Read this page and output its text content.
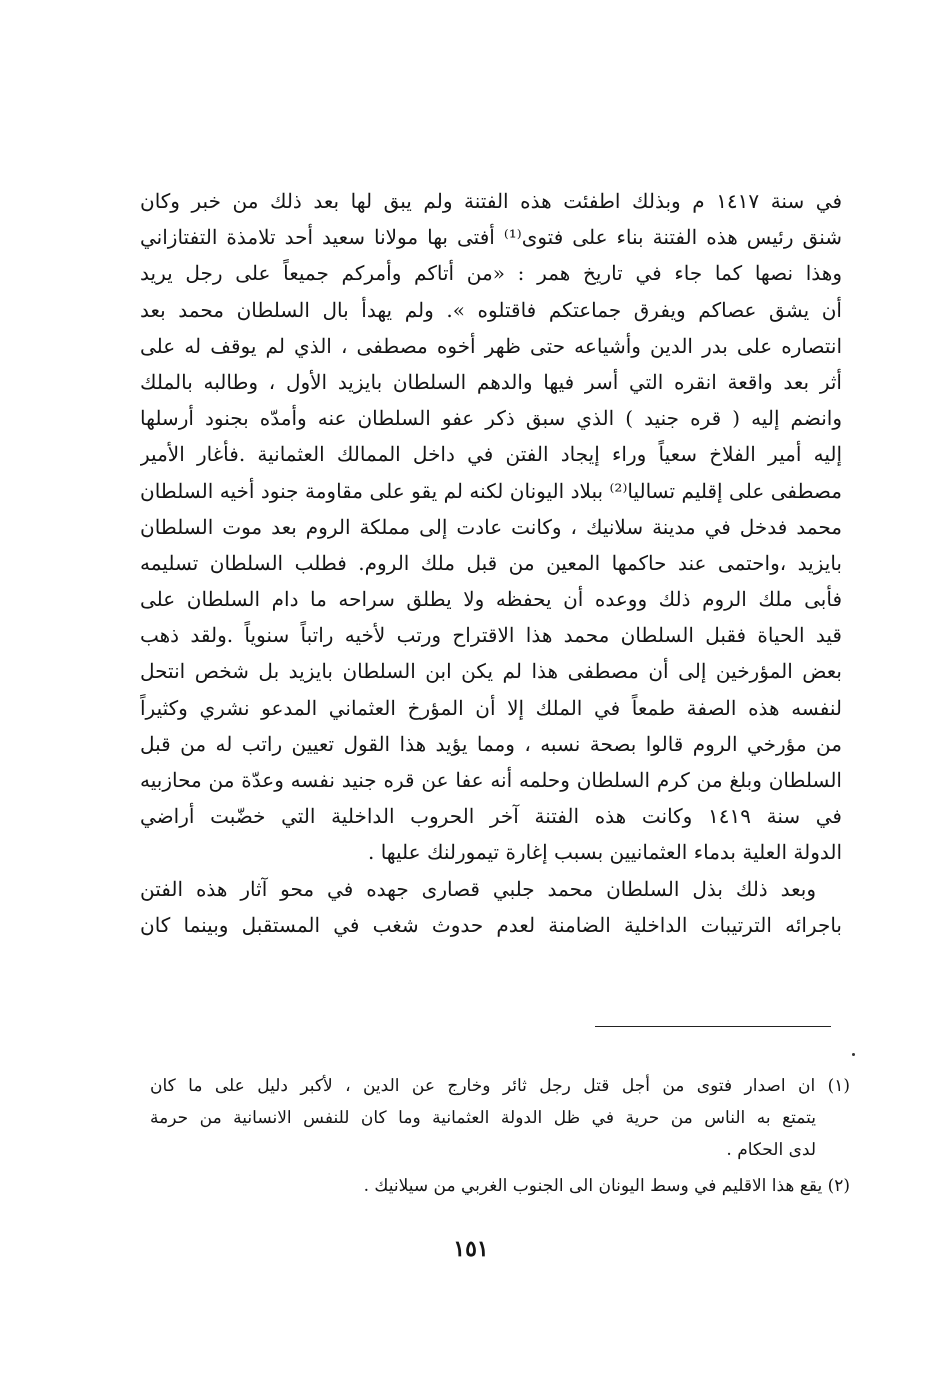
في سنة ١٤١٧ م وبذلك اطفئت هذه الفتنة ولم يبق لها بعد ذلك من خبر وكان
شنق رئيس هذه الفتنة بناء على فتوى⁽¹⁾ أفتى بها مولانا سعيد أحد تلامذة التفتازاني
وهذا نصها كما جاء في تاريخ همر : «من أتاكم وأمركم جميعاً على رجل يريد
أن يشق عصاكم ويفرق جماعتكم فاقتلوه ». ولم يهدأ بال السلطان محمد بعد
انتصاره على بدر الدين وأشياعه حتى ظهر أخوه مصطفى ، الذي لم يوقف له على
أثر بعد واقعة انقره التي أسر فيها والدهم السلطان بايزيد الأول ، وطالبه بالملك
وانضم إليه ( قره جنيد ) الذي سبق ذكر عفو السلطان عنه وأمدّه بجنود أرسلها
إليه أمير الفلاخ سعياً وراء إيجاد الفتن في داخل الممالك العثمانية .فأغار الأمير
مصطفى على إقليم تساليا⁽²⁾ ببلاد اليونان لكنه لم يقو على مقاومة جنود أخيه السلطان
محمد فدخل في مدينة سلانيك ، وكانت عادت إلى مملكة الروم بعد موت السلطان
بايزيد ،واحتمى عند حاكمها المعين من قبل ملك الروم. فطلب السلطان تسليمه
فأبى ملك الروم ذلك ووعده أن يحفظه ولا يطلق سراحه ما دام السلطان على
قيد الحياة فقبل السلطان محمد هذا الاقتراح ورتب لأخيه راتباً سنوياً .ولقد ذهب
بعض المؤرخين إلى أن مصطفى هذا لم يكن ابن السلطان بايزيد بل شخص انتحل
لنفسه هذه الصفة طمعاً في الملك إلا أن المؤرخ العثماني المدعو نشري وكثيراً
من مؤرخي الروم قالوا بصحة نسبه ، ومما يؤيد هذا القول تعيين راتب له من قبل
السلطان وبلغ من كرم السلطان وحلمه أنه عفا عن قره جنيد نفسه وعدّة من محازبيه
في سنة ١٤١٩ وكانت هذه الفتنة آخر الحروب الداخلية التي خضّبت أراضي
الدولة العلية بدماء العثمانيين بسبب إغارة تيمورلنك عليها .
وبعد ذلك بذل السلطان محمد جلبي قصارى جهده في محو آثار هذه الفتن
باجرائه الترتيبات الداخلية الضامنة لعدم حدوث شغب في المستقبل وبينما كان
(١) ان اصدار فتوى من أجل قتل رجل ثائر وخارج عن الدين ، لأكبر دليل على ما كان
يتمتع به الناس من حرية في ظل الدولة العثمانية وما كان للنفس الانسانية من حرمة
لدى الحكام .
(٢) يقع هذا الاقليم في وسط اليونان الى الجنوب الغربي من سيلانيك .
١٥١
